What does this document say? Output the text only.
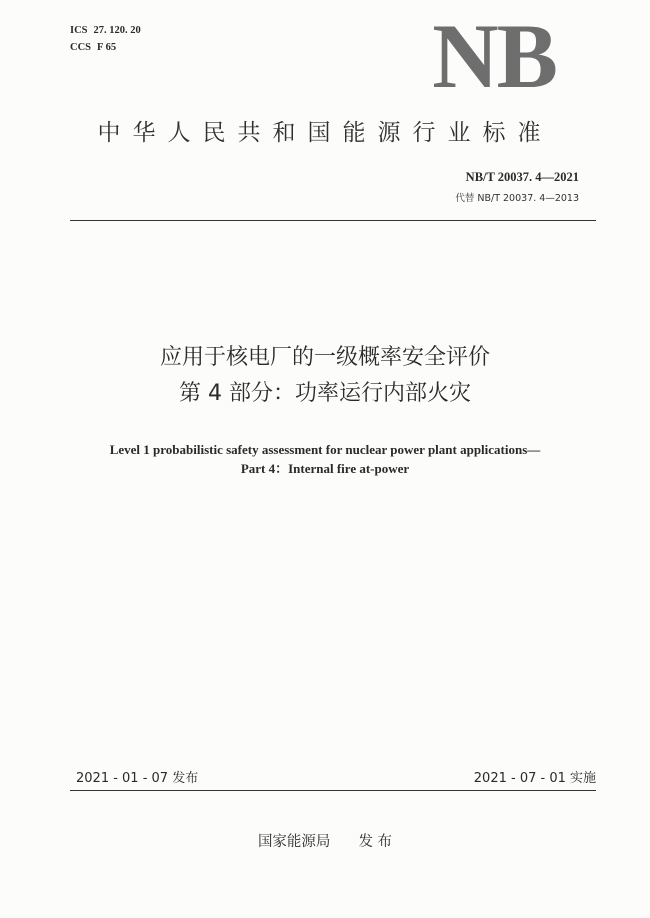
ICS 27. 120. 20
CCS F 65	NB
中华人民共和国能源行业标准
NB/T 20037. 4—2021
代替 NB/T 20037. 4—2013
应用于核电厂的一级概率安全评价
第 4 部分：功率运行内部火灾
Level 1 probabilistic safety assessment for nuclear power plant applications—
Part 4：Internal fire at-power
2021 - 01 - 07 发布	2021 - 07 - 01 实施
国家能源局 发 布
